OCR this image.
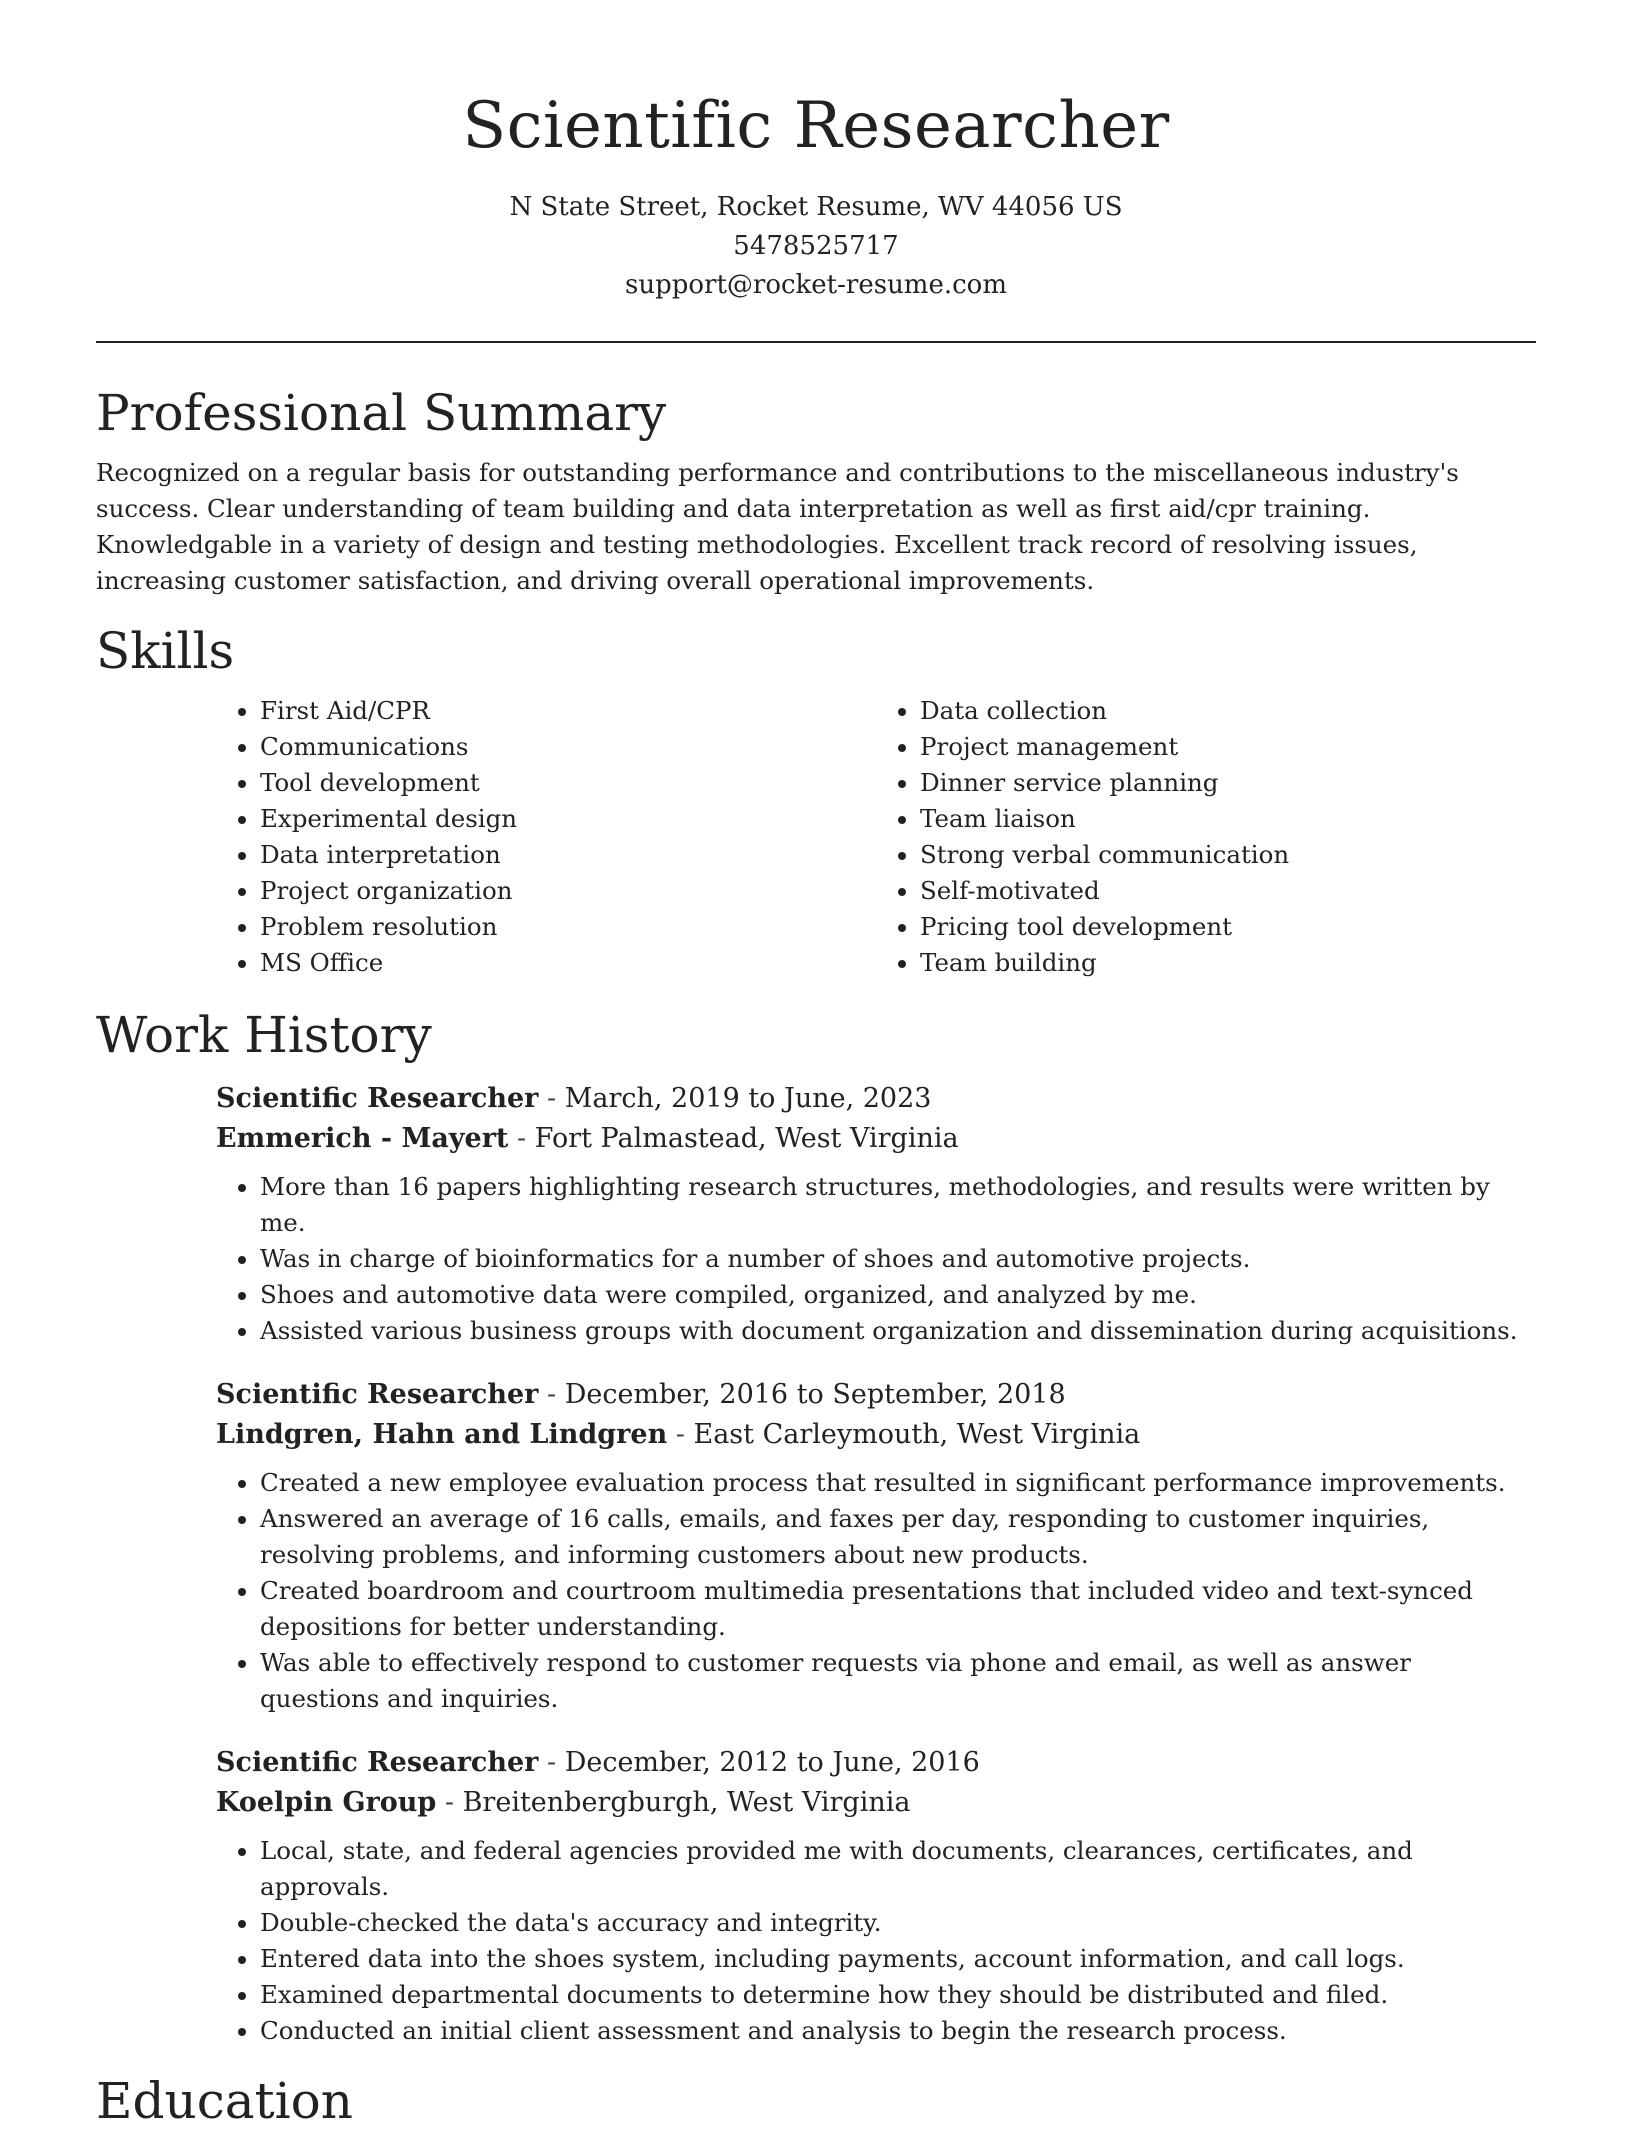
Scientific Researcher
N State Street, Rocket Resume, WV 44056 US
5478525717
support@rocket-resume.com
Professional Summary

Recognized on a regular basis for outstanding performance and contributions to the miscellaneous industry's success. Clear understanding of team building and data interpretation as well as first aid/cpr training. Knowledgable in a variety of design and testing methodologies. Excellent track record of resolving issues, increasing customer satisfaction, and driving overall operational improvements.

Skills
• First Aid/CPR
• Communications
• Tool development
• Experimental design
• Data interpretation
• Project organization
• Problem resolution
• MS Office
• Data collection
• Project management
• Dinner service planning
• Team liaison
• Strong verbal communication
• Self-motivated
• Pricing tool development
• Team building
Work History
Scientific Researcher - March, 2019 to June, 2023
Emmerich - Mayert - Fort Palmastead, West Virginia
• More than 16 papers highlighting research structures, methodologies, and results were written by me.
• Was in charge of bioinformatics for a number of shoes and automotive projects.
• Shoes and automotive data were compiled, organized, and analyzed by me.
• Assisted various business groups with document organization and dissemination during acquisitions.
Scientific Researcher - December, 2016 to September, 2018
Lindgren, Hahn and Lindgren - East Carleymouth, West Virginia
• Created a new employee evaluation process that resulted in significant performance improvements.
• Answered an average of 16 calls, emails, and faxes per day, responding to customer inquiries, resolving problems, and informing customers about new products.
• Created boardroom and courtroom multimedia presentations that included video and text-synced depositions for better understanding.
• Was able to effectively respond to customer requests via phone and email, as well as answer questions and inquiries.
Scientific Researcher - December, 2012 to June, 2016
Koelpin Group - Breitenbergburgh, West Virginia
• Local, state, and federal agencies provided me with documents, clearances, certificates, and approvals.
• Double-checked the data's accuracy and integrity.
• Entered data into the shoes system, including payments, account information, and call logs.
• Examined departmental documents to determine how they should be distributed and filed.
• Conducted an initial client assessment and analysis to begin the research process.
Education
